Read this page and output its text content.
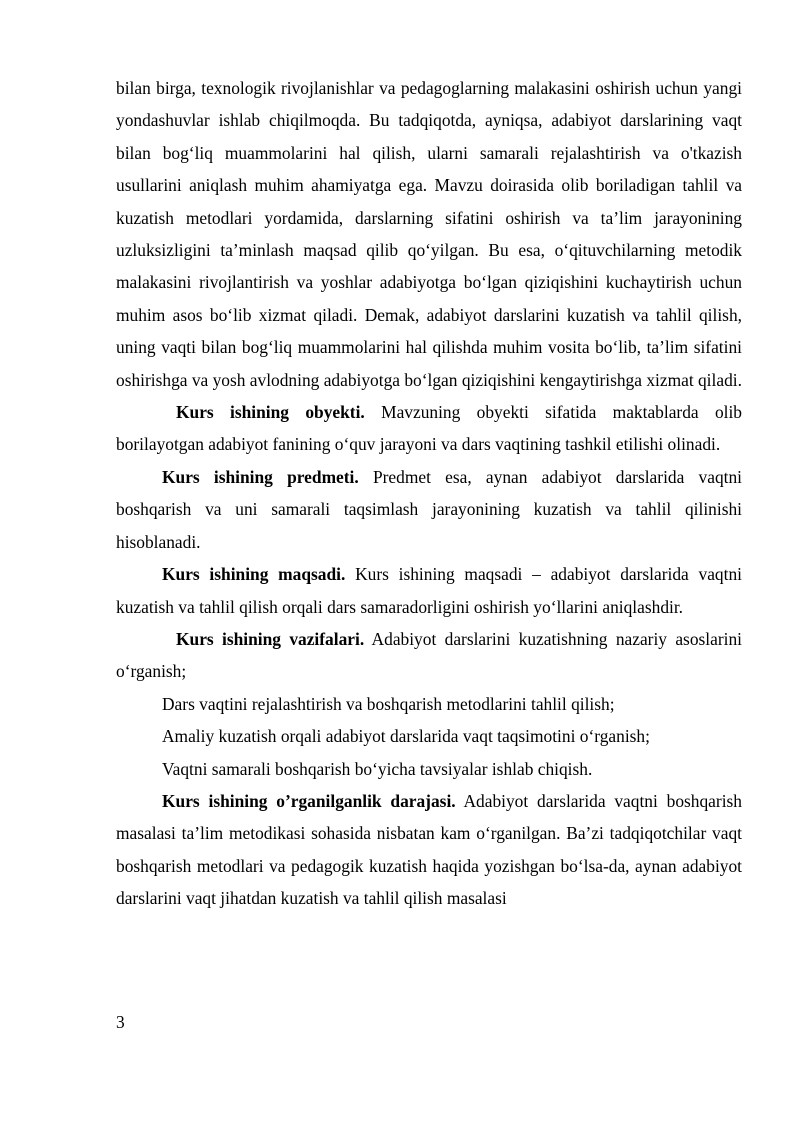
bilan birga, texnologik rivojlanishlar va pedagoglarning malakasini oshirish uchun yangi yondashuvlar ishlab chiqilmoqda. Bu tadqiqotda, ayniqsa, adabiyot darslarining vaqt bilan bog‘liq muammolarini hal qilish, ularni samarali rejalashtirish va o'tkazish usullarini aniqlash muhim ahamiyatga ega. Mavzu doirasida olib boriladigan tahlil va kuzatish metodlari yordamida, darslarning sifatini oshirish va ta’lim jarayonining uzluksizligini ta’minlash maqsad qilib qo‘yilgan. Bu esa, o‘qituvchilarning metodik malakasini rivojlantirish va yoshlar adabiyotga bo‘lgan qiziqishini kuchaytirish uchun muhim asos bo‘lib xizmat qiladi. Demak, adabiyot darslarini kuzatish va tahlil qilish, uning vaqti bilan bog‘liq muammolarini hal qilishda muhim vosita bo‘lib, ta’lim sifatini oshirishga va yosh avlodning adabiyotga bo‘lgan qiziqishini kengaytirishga xizmat qiladi.

Kurs ishining obyekti. Mavzuning obyekti sifatida maktablarda olib borilayotgan adabiyot fanining o‘quv jarayoni va dars vaqtining tashkil etilishi olinadi.

Kurs ishining predmeti. Predmet esa, aynan adabiyot darslarida vaqtni boshqarish va uni samarali taqsimlash jarayonining kuzatish va tahlil qilinishi hisoblanadi.

Kurs ishining maqsadi. Kurs ishining maqsadi – adabiyot darslarida vaqtni kuzatish va tahlil qilish orqali dars samaradorligini oshirish yo‘llarini aniqlashdir.

Kurs ishining vazifalari. Adabiyot darslarini kuzatishning nazariy asoslarini o‘rganish;

Dars vaqtini rejalashtirish va boshqarish metodlarini tahlil qilish;

Amaliy kuzatish orqali adabiyot darslarida vaqt taqsimotini o‘rganish;

Vaqtni samarali boshqarish bo‘yicha tavsiyalar ishlab chiqish.

Kurs ishining o’rganilganlik darajasi. Adabiyot darslarida vaqtni boshqarish masalasi ta’lim metodikasi sohasida nisbatan kam o‘rganilgan. Ba’zi tadqiqotchilar vaqt boshqarish metodlari va pedagogik kuzatish haqida yozishgan bo‘lsa-da, aynan adabiyot darslarini vaqt jihatdan kuzatish va tahlil qilish masalasi

3
